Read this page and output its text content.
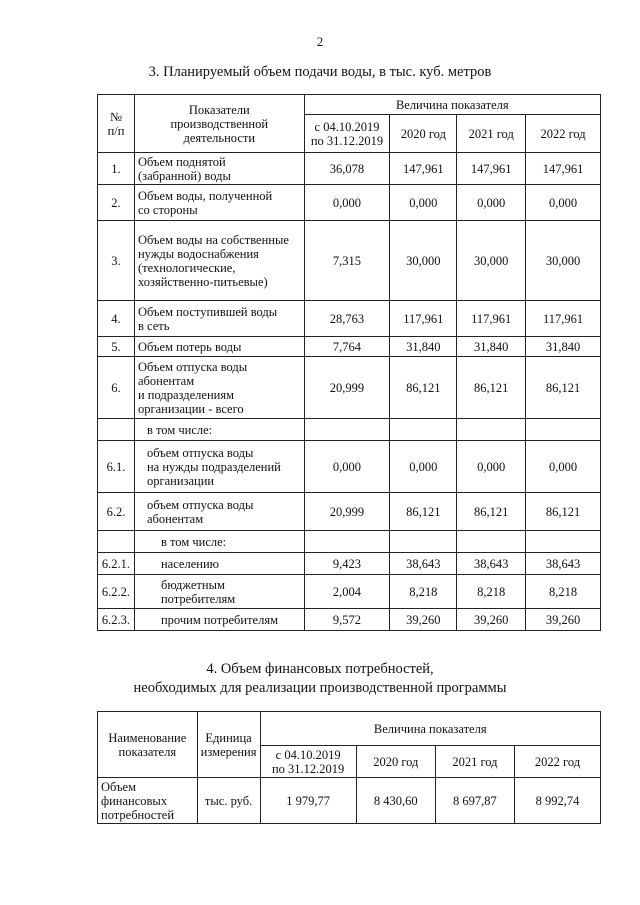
2
3. Планируемый объем подачи воды, в тыс. куб. метров
№
п/п	Показатели
производственной
деятельности	Величина показателя			
		с 04.10.2019
по 31.12.2019	2020 год	2021 год	2022 год
1.	Объем поднятой
(забранной) воды	36,078	147,961	147,961	147,961
2.	Объем воды, полученной
со стороны	0,000	0,000	0,000	0,000
3.	Объем воды на собственные
нужды водоснабжения
(технологические,
хозяйственно-питьевые)	7,315	30,000	30,000	30,000
4.	Объем поступившей воды
в сеть	28,763	117,961	117,961	117,961
5.	Объем потерь воды	7,764	31,840	31,840	31,840
6.	Объем отпуска воды
абонентам
и подразделениям
организации - всего	20,999	86,121	86,121	86,121
	в том числе:				
6.1.	объем отпуска воды
на нужды подразделений
организации	0,000	0,000	0,000	0,000
6.2.	объем отпуска воды
абонентам	20,999	86,121	86,121	86,121
	в том числе:				
6.2.1.	населению	9,423	38,643	38,643	38,643
6.2.2.	бюджетным
потребителям	2,004	8,218	8,218	8,218
6.2.3.	прочим потребителям	9,572	39,260	39,260	39,260
4. Объем финансовых потребностей,
необходимых для реализации производственной программы
Наименование
показателя	Единица
измерения	Величина показателя			
		с 04.10.2019
по 31.12.2019	2020 год	2021 год	2022 год
Объем
финансовых
потребностей	тыс. руб.	1 979,77	8 430,60	8 697,87	8 992,74
